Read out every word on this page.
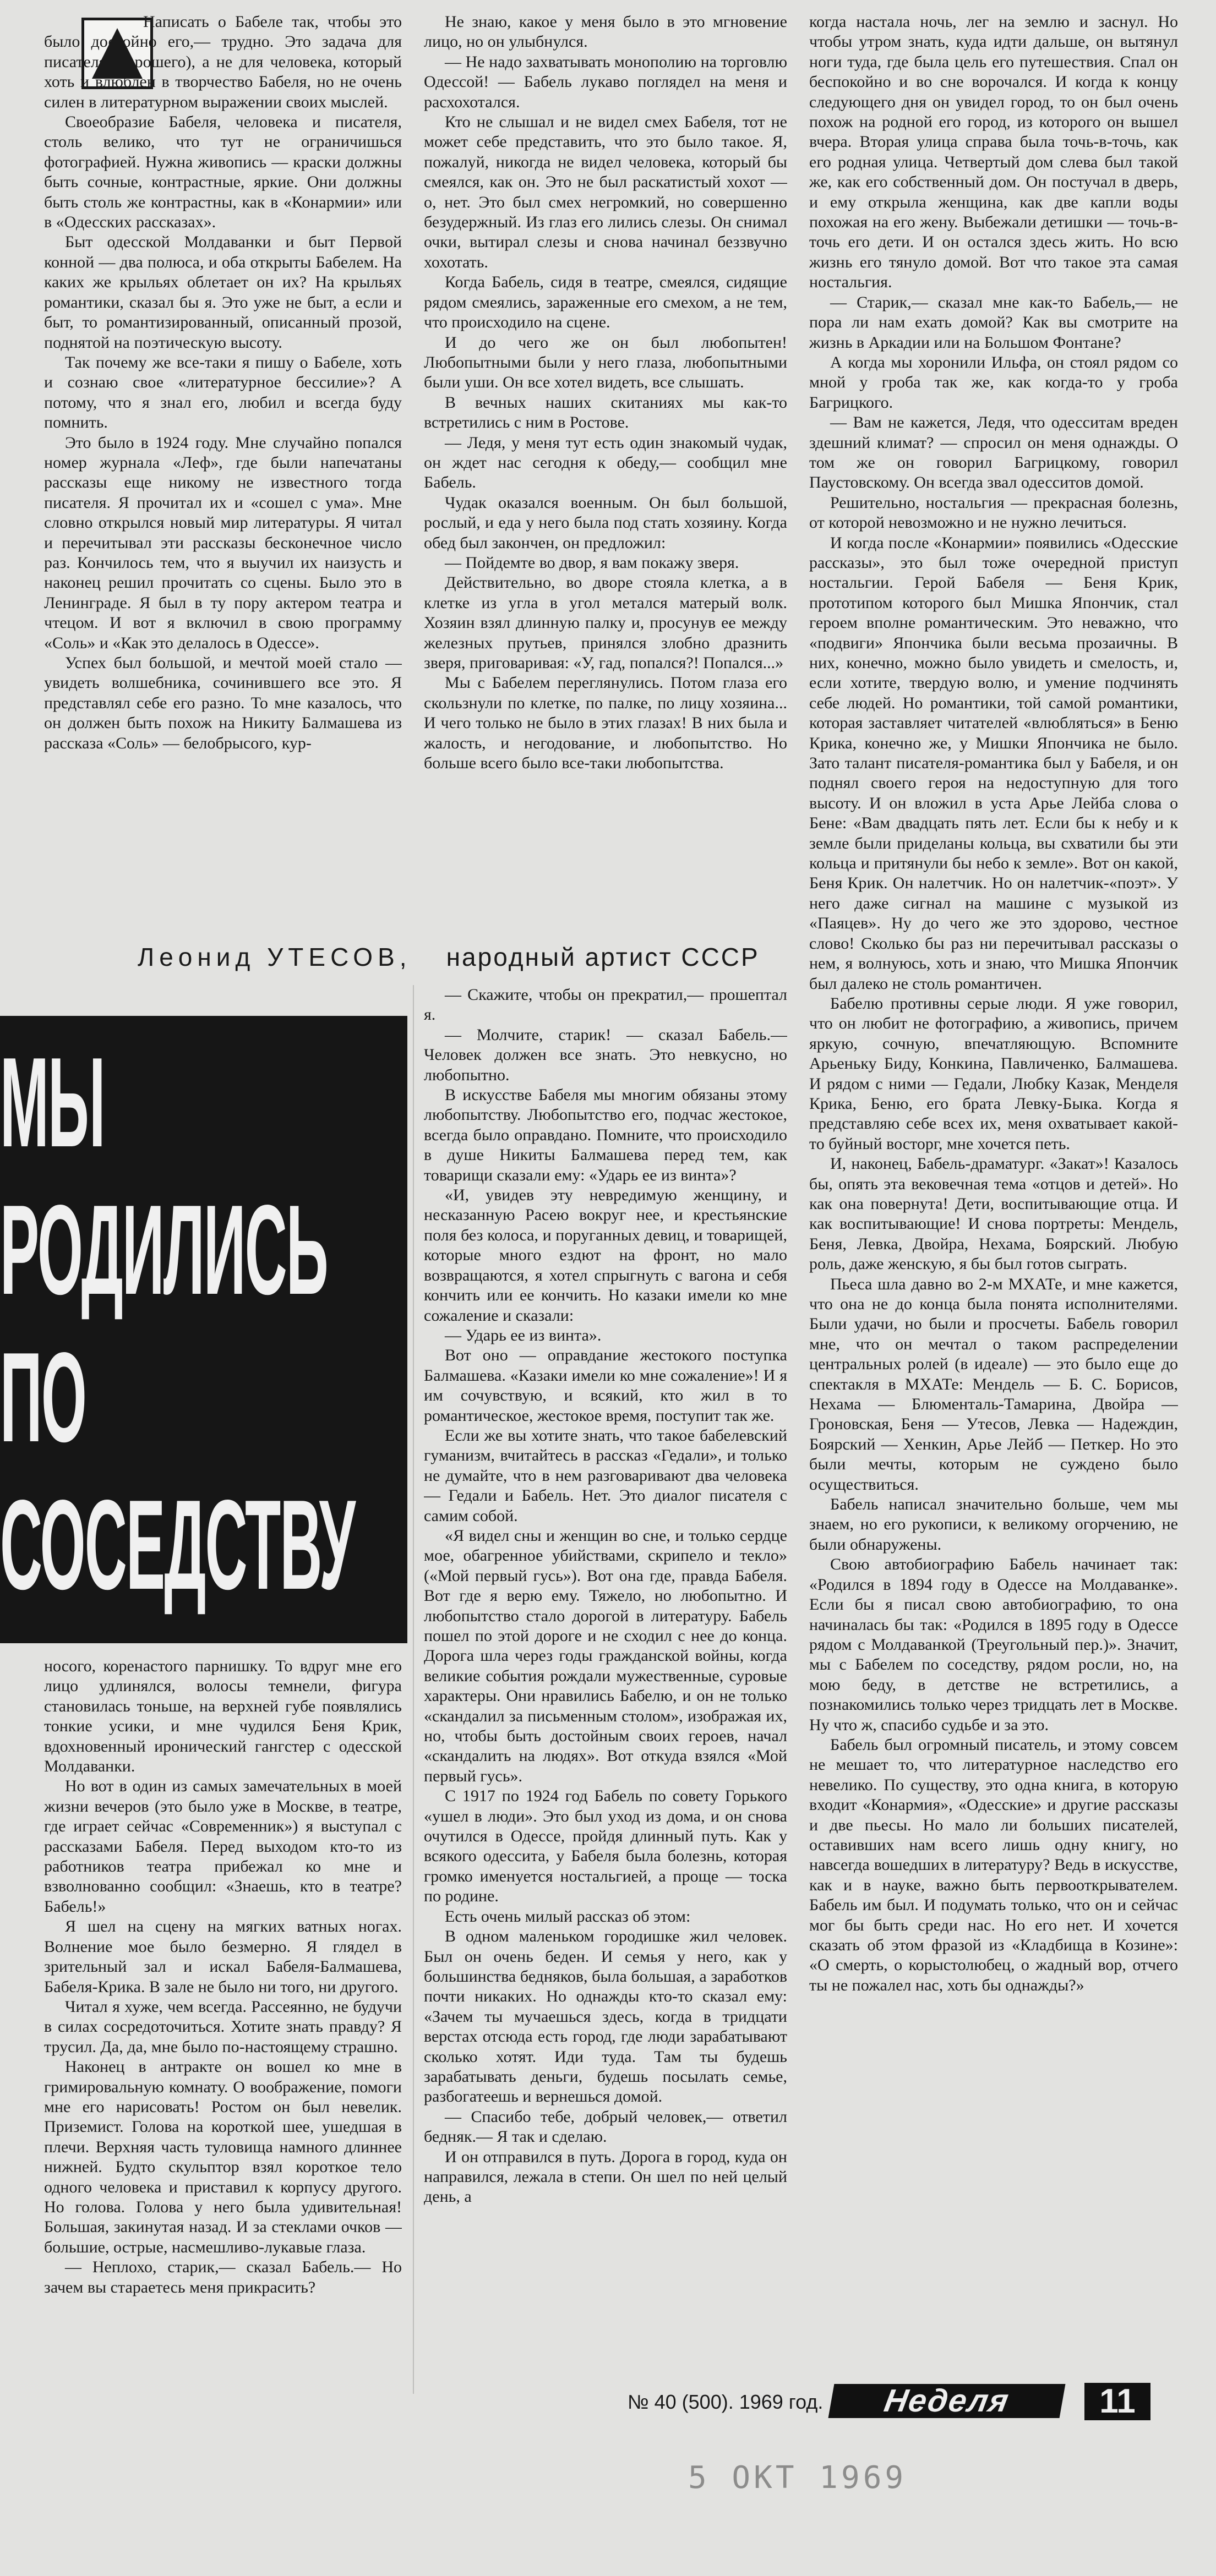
Написать о Бабеле так, чтобы это было достойно его,— трудно. Это задача для писателя (хорошего), а не для человека, который хоть и влюблен в творчество Бабеля, но не очень силен в литературном выражении своих мыслей.

Своеобразие Бабеля, человека и писателя, столь велико, что тут не ограничишься фотографией. Нужна живопись — краски должны быть сочные, контрастные, яркие. Они должны быть столь же контрастны, как в «Конармии» или в «Одесских рассказах».

Быт одесской Молдаванки и быт Первой конной — два полюса, и оба открыты Бабелем. На каких же крыльях облетает он их? На крыльях романтики, сказал бы я. Это уже не быт, а если и быт, то романтизированный, описанный прозой, поднятой на поэтическую высоту.

Так почему же все-таки я пишу о Бабеле, хоть и сознаю свое «литературное бессилие»? А потому, что я знал его, любил и всегда буду помнить.

Это было в 1924 году. Мне случайно попался номер журнала «Леф», где были напечатаны рассказы еще никому не известного тогда писателя. Я прочитал их и «сошел с ума». Мне словно открылся новый мир литературы. Я читал и перечитывал эти рассказы бесконечное число раз. Кончилось тем, что я выучил их наизусть и наконец решил прочитать со сцены. Было это в Ленинграде. Я был в ту пору актером театра и чтецом. И вот я включил в свою программу «Соль» и «Как это делалось в Одессе».

Успех был большой, и мечтой моей стало — увидеть волшебника, сочинившего все это. Я представлял себе его разно. То мне казалось, что он должен быть похож на Никиту Балмашева из рассказа «Соль» — белобрысого, кур-

Не знаю, какое у меня было в это мгновение лицо, но он улыбнулся.

— Не надо захватывать монополию на торговлю Одессой! — Бабель лукаво поглядел на меня и расхохотался.

Кто не слышал и не видел смех Бабеля, тот не может себе представить, что это было такое. Я, пожалуй, никогда не видел человека, который бы смеялся, как он. Это не был раскатистый хохот — о, нет. Это был смех негромкий, но совершенно безудержный. Из глаз его лились слезы. Он снимал очки, вытирал слезы и снова начинал беззвучно хохотать.

Когда Бабель, сидя в театре, смеялся, сидящие рядом смеялись, зараженные его смехом, а не тем, что происходило на сцене.

И до чего же он был любопытен! Любопытными были у него глаза, любопытными были уши. Он все хотел видеть, все слышать.

В вечных наших скитаниях мы как-то встретились с ним в Ростове.

— Ледя, у меня тут есть один знакомый чудак, он ждет нас сегодня к обеду,— сообщил мне Бабель.

Чудак оказался военным. Он был большой, рослый, и еда у него была под стать хозяину. Когда обед был закончен, он предложил:

— Пойдемте во двор, я вам покажу зверя.

Действительно, во дворе стояла клетка, а в клетке из угла в угол метался матерый волк. Хозяин взял длинную палку и, просунув ее между железных прутьев, принялся злобно дразнить зверя, приговаривая: «У, гад, попался?! Попался...»

Мы с Бабелем переглянулись. Потом глаза его скользнули по клетке, по палке, по лицу хозяина... И чего только не было в этих глазах! В них была и жалость, и негодование, и любопытство. Но больше всего было все-таки любопытства.

когда настала ночь, лег на землю и заснул. Но чтобы утром знать, куда идти дальше, он вытянул ноги туда, где была цель его путешествия. Спал он беспокойно и во сне ворочался. И когда к концу следующего дня он увидел город, то он был очень похож на родной его город, из которого он вышел вчера. Вторая улица справа была точь-в-точь, как его родная улица. Четвертый дом слева был такой же, как его собственный дом. Он постучал в дверь, и ему открыла женщина, как две капли воды похожая на его жену. Выбежали детишки — точь-в-точь его дети. И он остался здесь жить. Но всю жизнь его тянуло домой. Вот что такое эта самая ностальгия.

— Старик,— сказал мне как-то Бабель,— не пора ли нам ехать домой? Как вы смотрите на жизнь в Аркадии или на Большом Фонтане?

А когда мы хоронили Ильфа, он стоял рядом со мной у гроба так же, как когда-то у гроба Багрицкого.

— Вам не кажется, Ледя, что одесситам вреден здешний климат? — спросил он меня однажды. О том же он говорил Багрицкому, говорил Паустовскому. Он всегда звал одесситов домой.

Решительно, ностальгия — прекрасная болезнь, от которой невозможно и не нужно лечиться.

И когда после «Конармии» появились «Одесские рассказы», это был тоже очередной приступ ностальгии. Герой Бабеля — Беня Крик, прототипом которого был Мишка Япончик, стал героем вполне романтическим. Это неважно, что «подвиги» Япончика были весьма прозаичны. В них, конечно, можно было увидеть и смелость, и, если хотите, твердую волю, и умение подчинять себе людей. Но романтики, той самой романтики, которая заставляет читателей «влюбляться» в Беню Крика, конечно же, у Мишки Япончика не было. Зато талант писателя-романтика был у Бабеля, и он поднял своего героя на недоступную для того высоту. И он вложил в уста Арье Лейба слова о Бене: «Вам двадцать пять лет. Если бы к небу и к земле были приделаны кольца, вы схватили бы эти кольца и притянули бы небо к земле». Вот он какой, Беня Крик. Он налетчик. Но он налетчик-«поэт». У него даже сигнал на машине с музыкой из «Паяцев». Ну до чего же это здорово, честное слово! Сколько бы раз ни перечитывал рассказы о нем, я волнуюсь, хоть и знаю, что Мишка Япончик был далеко не столь романтичен.

Бабелю противны серые люди. Я уже говорил, что он любит не фотографию, а живопись, причем яркую, сочную, впечатляющую. Вспомните Арьеньку Биду, Конкина, Павличенко, Балмашева. И рядом с ними — Гедали, Любку Казак, Менделя Крика, Беню, его брата Левку-Быка. Когда я представляю себе всех их, меня охватывает какой-то буйный восторг, мне хочется петь.

И, наконец, Бабель-драматург. «Закат»! Казалось бы, опять эта вековечная тема «отцов и детей». Но как она повернута! Дети, воспитывающие отца. И как воспитывающие! И снова портреты: Мендель, Беня, Левка, Двойра, Нехама, Боярский. Любую роль, даже женскую, я бы был готов сыграть.

Пьеса шла давно во 2-м МХАТе, и мне кажется, что она не до конца была понята исполнителями. Были удачи, но были и просчеты. Бабель говорил мне, что он мечтал о таком распределении центральных ролей (в идеале) — это было еще до спектакля в МХАТе: Мендель — Б. С. Борисов, Нехама — Блюменталь-Тамарина, Двойра — Гроновская, Беня — Утесов, Левка — Надеждин, Боярский — Хенкин, Арье Лейб — Петкер. Но это были мечты, которым не суждено было осуществиться.

Бабель написал значительно больше, чем мы знаем, но его рукописи, к великому огорчению, не были обнаружены.

Свою автобиографию Бабель начинает так: «Родился в 1894 году в Одессе на Молдаванке». Если бы я писал свою автобиографию, то она начиналась бы так: «Родился в 1895 году в Одессе рядом с Молдаванкой (Треугольный пер.)». Значит, мы с Бабелем по соседству, рядом росли, но, на мою беду, в детстве не встретились, а познакомились только через тридцать лет в Москве. Ну что ж, спасибо судьбе и за это.

Бабель был огромный писатель, и этому совсем не мешает то, что литературное наследство его невелико. По существу, это одна книга, в которую входит «Конармия», «Одесские» и другие рассказы и две пьесы. Но мало ли больших писателей, оставивших нам всего лишь одну книгу, но навсегда вошедших в литературу? Ведь в искусстве, как и в науке, важно быть первооткрывателем. Бабель им был. И подумать только, что он и сейчас мог бы быть среди нас. Но его нет. И хочется сказать об этом фразой из «Кладбища в Козине»: «О смерть, о корыстолюбец, о жадный вор, отчего ты не пожалел нас, хоть бы однажды?»

Леонид УТЕСОВ, народный артист СССР
МЫ
РОДИЛИСЬ
ПО
СОСЕДСТВУ

— Скажите, чтобы он прекратил,— прошептал я.

— Молчите, старик! — сказал Бабель.— Человек должен все знать. Это невкусно, но любопытно.

В искусстве Бабеля мы многим обязаны этому любопытству. Любопытство его, подчас жестокое, всегда было оправдано. Помните, что происходило в душе Никиты Балмашева перед тем, как товарищи сказали ему: «Ударь ее из винта»?

«И, увидев эту невредимую женщину, и несказанную Расею вокруг нее, и крестьянские поля без колоса, и поруганных девиц, и товарищей, которые много ездют на фронт, но мало возвращаются, я хотел спрыгнуть с вагона и себя кончить или ее кончить. Но казаки имели ко мне сожаление и сказали:

— Ударь ее из винта».

Вот оно — оправдание жестокого поступка Балмашева. «Казаки имели ко мне сожаление»! И я им сочувствую, и всякий, кто жил в то романтическое, жестокое время, поступит так же.

Если же вы хотите знать, что такое бабелевский гуманизм, вчитайтесь в рассказ «Гедали», и только не думайте, что в нем разговаривают два человека — Гедали и Бабель. Нет. Это диалог писателя с самим собой.

«Я видел сны и женщин во сне, и только сердце мое, обагренное убийствами, скрипело и текло» («Мой первый гусь»). Вот она где, правда Бабеля. Вот где я верю ему. Тяжело, но любопытно. И любопытство стало дорогой в литературу. Бабель пошел по этой дороге и не сходил с нее до конца. Дорога шла через годы гражданской войны, когда великие события рождали мужественные, суровые характеры. Они нравились Бабелю, и он не только «скандалил за письменным столом», изображая их, но, чтобы быть достойным своих героев, начал «скандалить на людях». Вот откуда взялся «Мой первый гусь».

С 1917 по 1924 год Бабель по совету Горького «ушел в люди». Это был уход из дома, и он снова очутился в Одессе, пройдя длинный путь. Как у всякого одессита, у Бабеля была болезнь, которая громко именуется ностальгией, а проще — тоска по родине.

Есть очень милый рассказ об этом:

В одном маленьком городишке жил человек. Был он очень беден. И семья у него, как у большинства бедняков, была большая, а заработков почти никаких. Но однажды кто-то сказал ему: «Зачем ты мучаешься здесь, когда в тридцати верстах отсюда есть город, где люди зарабатывают сколько хотят. Иди туда. Там ты будешь зарабатывать деньги, будешь посылать семье, разбогатеешь и вернешься домой.

— Спасибо тебе, добрый человек,— ответил бедняк.— Я так и сделаю.

И он отправился в путь. Дорога в город, куда он направился, лежала в степи. Он шел по ней целый день, а

носого, коренастого парнишку. То вдруг мне его лицо удлинялся, волосы темнели, фигура становилась тоньше, на верхней губе появлялись тонкие усики, и мне чудился Беня Крик, вдохновенный иронический гангстер с одесской Молдаванки.

Но вот в один из самых замечательных в моей жизни вечеров (это было уже в Москве, в театре, где играет сейчас «Современник») я выступал с рассказами Бабеля. Перед выходом кто-то из работников театра прибежал ко мне и взволнованно сообщил: «Знаешь, кто в театре? Бабель!»

Я шел на сцену на мягких ватных ногах. Волнение мое было безмерно. Я глядел в зрительный зал и искал Бабеля-Балмашева, Бабеля-Крика. В зале не было ни того, ни другого.

Читал я хуже, чем всегда. Рассеянно, не будучи в силах сосредоточиться. Хотите знать правду? Я трусил. Да, да, мне было по-настоящему страшно.

Наконец в антракте он вошел ко мне в гримировальную комнату. О воображение, помоги мне его нарисовать! Ростом он был невелик. Приземист. Голова на короткой шее, ушедшая в плечи. Верхняя часть туловища намного длиннее нижней. Будто скульптор взял короткое тело одного человека и приставил к корпусу другого. Но голова. Голова у него была удивительная! Большая, закинутая назад. И за стеклами очков — большие, острые, насмешливо-лукавые глаза.

— Неплохо, старик,— сказал Бабель.— Но зачем вы стараетесь меня прикрасить?

№ 40 (500). 1969 год.	Неделя	11
5 ОКТ 1969
